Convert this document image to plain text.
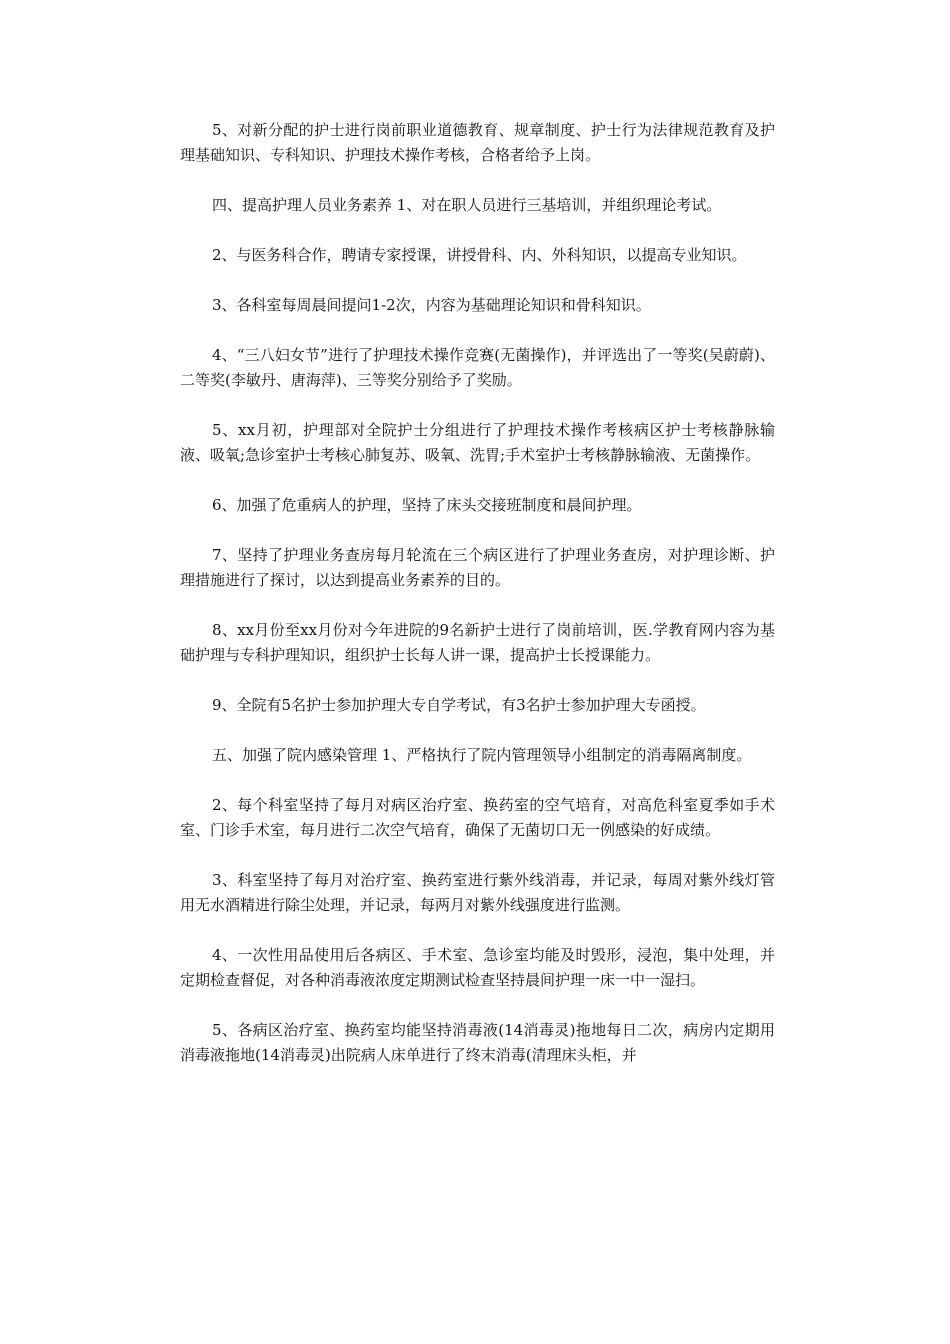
5、对新分配的护士进行岗前职业道德教育、规章制度、护士行为法律规范教育及护理基础知识、专科知识、护理技术操作考核，合格者给予上岗。

四、提高护理人员业务素养 1、对在职人员进行三基培训，并组织理论考试。

2、与医务科合作，聘请专家授课，讲授骨科、内、外科知识，以提高专业知识。

3、各科室每周晨间提问1-2次，内容为基础理论知识和骨科知识。

4、“三八妇女节”进行了护理技术操作竞赛(无菌操作)，并评选出了一等奖(吴蔚蔚)、二等奖(李敏丹、唐海萍)、三等奖分别给予了奖励。

5、xx月初，护理部对全院护士分组进行了护理技术操作考核病区护士考核静脉输液、吸氧;急诊室护士考核心肺复苏、吸氧、洗胃;手术室护士考核静脉输液、无菌操作。

6、加强了危重病人的护理，坚持了床头交接班制度和晨间护理。

7、坚持了护理业务查房每月轮流在三个病区进行了护理业务查房，对护理诊断、护理措施进行了探讨，以达到提高业务素养的目的。

8、xx月份至xx月份对今年进院的9名新护士进行了岗前培训，医.学教育网内容为基础护理与专科护理知识，组织护士长每人讲一课，提高护士长授课能力。

9、全院有5名护士参加护理大专自学考试，有3名护士参加护理大专函授。

五、加强了院内感染管理 1、严格执行了院内管理领导小组制定的消毒隔离制度。

2、每个科室坚持了每月对病区治疗室、换药室的空气培育，对高危科室夏季如手术室、门诊手术室，每月进行二次空气培育，确保了无菌切口无一例感染的好成绩。

3、科室坚持了每月对治疗室、换药室进行紫外线消毒，并记录，每周对紫外线灯管用无水酒精进行除尘处理，并记录，每两月对紫外线强度进行监测。

4、一次性用品使用后各病区、手术室、急诊室均能及时毁形，浸泡，集中处理，并定期检查督促，对各种消毒液浓度定期测试检查坚持晨间护理一床一中一湿扫。

5、各病区治疗室、换药室均能坚持消毒液(14消毒灵)拖地每日二次，病房内定期用消毒液拖地(14消毒灵)出院病人床单进行了终末消毒(清理床头柜，并
